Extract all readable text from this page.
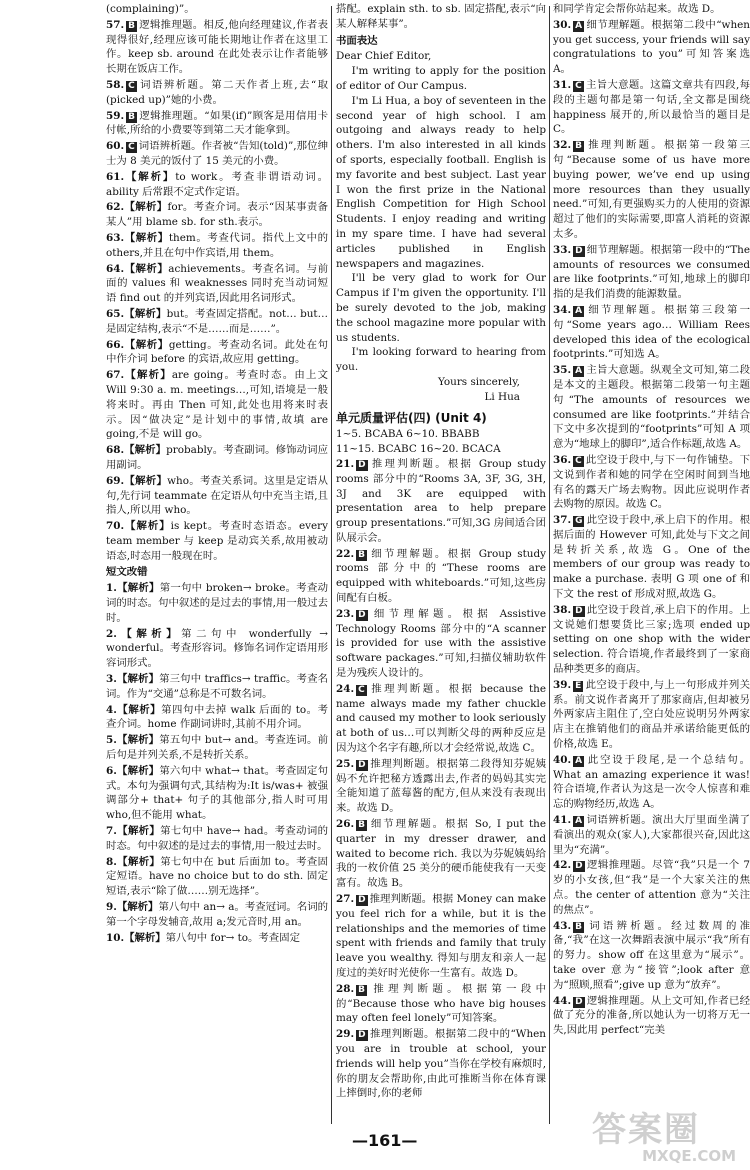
(complaining)”。
57. B 逻辑推理题。相反,他向经理建议,作者表现得很好,经理应该可能长期地让作者在这里工作。keep sb. around 在此处表示让作者能够长期在饭店工作。
58. C 词语辨析题。第二天作者上班,去“取(picked up)”她的小费。
59. B 逻辑推理题。“如果(if)”顾客是用信用卡付帐,所给的小费要等到第二天才能拿到。
60. C 词语辨析题。作者被“告知(told)”,那位绅士为 8 美元的饭付了 15 美元的小费。
61.【解析】to work。考查非谓语动词。ability 后常跟不定式作定语。
62.【解析】for。考查介词。表示“因某事责备某人”用 blame sb. for sth.表示。
63.【解析】them。考查代词。指代上文中的 others,并且在句中作宾语,用 them。
64.【解析】achievements。考查名词。与前面的 values 和 weaknesses 同时充当动词短语 find out 的并列宾语,因此用名词形式。
65.【解析】but。考查固定搭配。not… but…是固定结构,表示“不是……而是……”。
66.【解析】getting。考查动名词。此处在句中作介词 before 的宾语,故应用 getting。
67.【解析】are going。考查时态。由上文 Will 9:30 a. m. meetings…,可知,语境是一般将来时。再由 Then 可知,此处也用将来时表示。因“做决定”是计划中的事情,故填 are going,不是 will go。
68.【解析】probably。考查副词。修饰动词应用副词。
69.【解析】who。考查关系词。这里是定语从句,先行词 teammate 在定语从句中充当主语,且指人,所以用 who。
70.【解析】is kept。考查时态语态。every team member 与 keep 是动宾关系,故用被动语态,时态用一般现在时。
短文改错
1.【解析】第一句中 broken→ broke。考查动词的时态。句中叙述的是过去的事情,用一般过去时。
2.【解析】第二句中 wonderfully → wonderful。考查形容词。修饰名词作定语用形容词形式。
3.【解析】第三句中 traffics→ traffic。考查名词。作为“交通”总称是不可数名词。
4.【解析】第四句中去掉 walk 后面的 to。考查介词。home 作副词讲时,其前不用介词。
5.【解析】第五句中 but→ and。考查连词。前后句是并列关系,不是转折关系。
6.【解析】第六句中 what→ that。考查固定句式。本句为强调句式,其结构为:It is/was+ 被强调部分+ that+ 句子的其他部分,指人时可用 who,但不能用 what。
7.【解析】第七句中 have→ had。考查动词的时态。句中叙述的是过去的事情,用一般过去时。
8.【解析】第七句中在 but 后面加 to。考查固定短语。have no choice but to do sth. 固定短语,表示“除了做……别无选择”。
9.【解析】第八句中 an→ a。考查冠词。名词的第一个字母发辅音,故用 a;发元音时,用 an。
10.【解析】第八句中 for→ to。考查固定
搭配。explain sth. to sb. 固定搭配,表示“向某人解释某事”。
书面表达

Dear Chief Editor,

I'm writing to apply for the position of editor of Our Campus.

I'm Li Hua, a boy of seventeen in the second year of high school. I am outgoing and always ready to help others. I'm also interested in all kinds of sports, especially football. English is my favorite and best subject. Last year I won the first prize in the National English Competition for High School Students. I enjoy reading and writing in my spare time. I have had several articles published in English newspapers and magazines.

I'll be very glad to work for Our Campus if I'm given the opportunity. I'll be surely devoted to the job, making the school magazine more popular with us students.

I'm looking forward to hearing from you.

Yours sincerely,

Li Hua

单元质量评估(四) (Unit 4)
1~5. BCABA 6~10. BBABB
11~15. BCABC 16~20. BCACA
21. D 推理判断题。根据 Group study rooms 部分中的“Rooms 3A, 3F, 3G, 3H, 3J and 3K are equipped with presentation area to help prepare group presentations.”可知,3G 房间适合团队展示会。
22. B 细节理解题。根据 Group study rooms 部分中的“These rooms are equipped with whiteboards.”可知,这些房间配有白板。
23. D 细节理解题。根据 Assistive Technology Rooms 部分中的“A scanner is provided for use with the assistive software packages.”可知,扫描仪辅助软件是为残疾人设计的。
24. C 推理判断题。根据 because the name always made my father chuckle and caused my mother to look seriously at both of us…可以判断父母的两种反应是因为这个名字有趣,所以才会经常说,故选 C。
25. D 推理判断题。根据第二段得知芬妮姨妈不允许把秘方透露出去,作者的妈妈其实完全能知道了蓝莓酱的配方,但从来没有表现出来。故选 D。
26. B 细节理解题。根据 So, I put the quarter in my dresser drawer, and waited to become rich. 我以为芬妮姨妈给我的一枚价值 25 美分的硬币能使我有一天变富有。故选 B。
27. D 推理判断题。根据 Money can make you feel rich for a while, but it is the relationships and the memories of time spent with friends and family that truly leave you wealthy. 得知与朋友和亲人一起度过的美好时光使你一生富有。故选 D。
28. B 推理判断题。根据第一段中的“Because those who have big houses may often feel lonely”可知答案。
29. D 推理判断题。根据第二段中的“When you are in trouble at school, your friends will help you”当你在学校有麻烦时,你的朋友会帮助你,由此可推断当你在体育课上摔倒时,你的老师
和同学肯定会帮你站起来。故选 D。
30. A 细节理解题。根据第二段中“when you get success, your friends will say congratulations to you”可知答案选 A。
31. C 主旨大意题。这篇文章共有四段,每段的主题句都是第一句话,全文都是围绕 happiness 展开的,所以最恰当的题目是 C。
32. B 推理判断题。根据第一段第三句“Because some of us have more buying power, we’ve end up using more resources than they usually need.”可知,有更强购买力的人使用的资源超过了他们的实际需要,即富人消耗的资源太多。
33. D 细节理解题。根据第一段中的“The amounts of resources we consumed are like footprints.”可知,地球上的脚印指的是我们消费的能源数量。
34. A 细节理解题。根据第三段第一句“Some years ago… William Rees developed this idea of the ecological footprints.”可知选 A。
35. A 主旨大意题。纵观全文可知,第二段是本文的主题段。根据第二段第一句主题句“The amounts of resources we consumed are like footprints.”并结合下文中多次提到的“footprints”可知 A 项意为“地球上的脚印”,适合作标题,故选 A。
36. C 此空设于段中,与下一句作铺垫。下文说到作者和她的同学在空闲时间到当地有名的露天广场去购物。因此应说明作者去购物的原因。故选 C。
37. G 此空设于段中,承上启下的作用。根据后面的 However 可知,此处与下文之间是转折关系,故选 G。One of the members of our group was ready to make a purchase. 表明 G 项 one of 和下文 the rest of 形成对照,故选 G。
38. D 此空设于段首,承上启下的作用。上文说她们想要货比三家;选项 ended up setting on one shop with the wider selection. 符合语境,作者最终到了一家商品种类更多的商店。
39. E 此空设于段中,与上一句形成并列关系。前文说作者离开了那家商店,但却被另外两家店主阻住了,空白处应说明另外两家店主在推销他们的商品并承诺给能更低的价格,故选 E。
40. A 此空设于段尾,是一个总结句。What an amazing experience it was! 符合语境,作者认为这是一次令人惊喜和难忘的购物经历,故选 A。
41. A 词语辨析题。演出大厅里面坐满了看演出的观众(家人),大家都很兴奋,因此这里为“充满”。
42. D 逻辑推理题。尽管“我”只是一个 7 岁的小女孩,但“我”是一个大家关注的焦点。the center of attention 意为“关注的焦点”。
43. B 词语辨析题。经过数周的准备,“我”在这一次舞蹈表演中展示“我”所有的努力。show off 在这里意为“展示”。take over 意为“接管”;look after 意为“照顾,照看”;give up 意为“放弃”。
44. D 逻辑推理题。从上文可知,作者已经做了充分的准备,所以她认为一切将万无一失,因此用 perfect“完美
—161—	答案圈
MXQE.COM
